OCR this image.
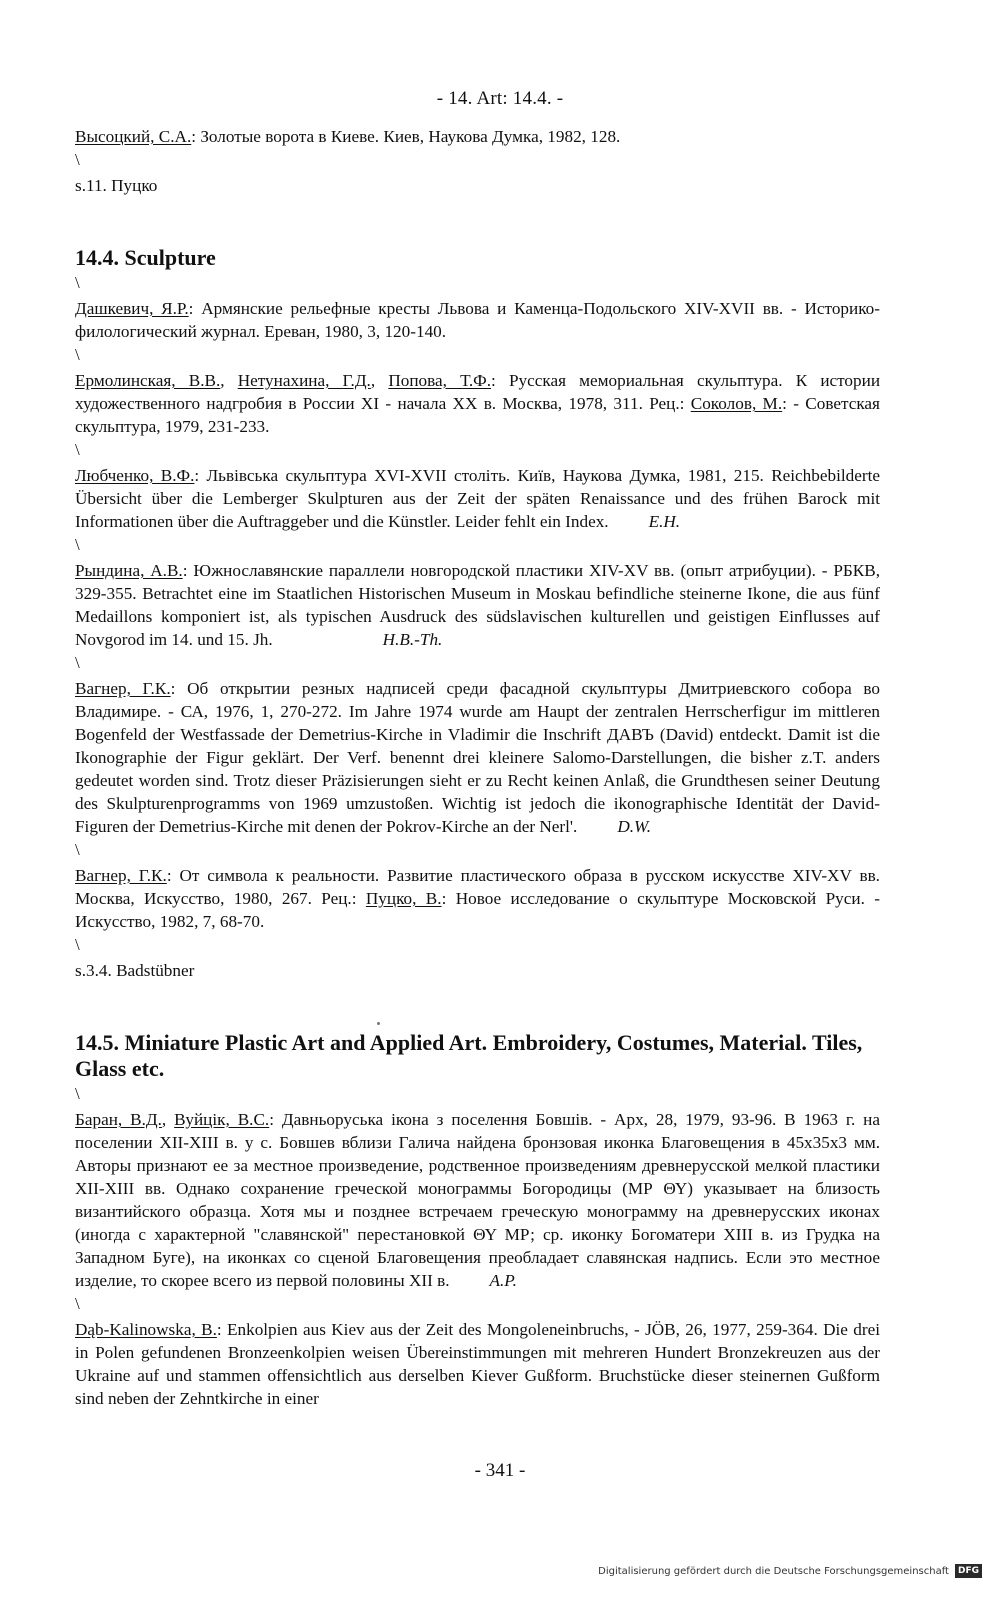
- 14. Art: 14.4. -

Высоцкий, С.А.: Золотые ворота в Киеве. Киев, Наукова Думка, 1982, 128.

\

s.11. Пуцко

14.4. Sculpture
\

Дашкевич, Я.Р.: Армянские рельефные кресты Львова и Каменца-Подольского XIV-XVII вв. - Историко-филологический журнал. Ереван, 1980, 3, 120-140.

\

Ермолинская, В.В., Нетунахина, Г.Д., Попова, Т.Ф.: Русская мемориальная скульптура. К истории художественного надгробия в России XI - начала XX в. Москва, 1978, 311. Рец.: Соколов, М.: - Советская скульптура, 1979, 231-233.

\

Любченко, В.Ф.: Львівська скульптура XVI-XVII століть. Київ, Наукова Думка, 1981, 215. Reichbebilderte Übersicht über die Lemberger Skulpturen aus der Zeit der späten Renaissance und des frühen Barock mit Informationen über die Auftraggeber und die Künstler. Leider fehlt ein Index. E.H.

\

Рындина, А.В.: Южнославянские параллели новгородской пластики XIV-XV вв. (опыт атрибуции). - РБКВ, 329-355. Betrachtet eine im Staatlichen Historischen Museum in Moskau befindliche steinerne Ikone, die aus fünf Medaillons komponiert ist, als typischen Ausdruck des südslavischen kulturellen und geistigen Einflusses auf Novgorod im 14. und 15. Jh.	H.B.-Th.

\

Вагнер, Г.К.: Об открытии резных надписей среди фасадной скульптуры Дмитриевского собора во Владимире. - СА, 1976, 1, 270-272. Im Jahre 1974 wurde am Haupt der zentralen Herrscherfigur im mittleren Bogenfeld der Westfassade der Demetrius-Kirche in Vladimir die Inschrift ДАВЪ (David) entdeckt. Damit ist die Ikonographie der Figur geklärt. Der Verf. benennt drei kleinere Salomo-Darstellungen, die bisher z.T. anders gedeutet worden sind. Trotz dieser Präzisierungen sieht er zu Recht keinen Anlaß, die Grundthesen seiner Deutung des Skulpturenprogramms von 1969 umzustoßen. Wichtig ist jedoch die ikonographische Identität der David-Figuren der Demetrius-Kirche mit denen der Pokrov-Kirche an der Nerl'. D.W.

\

Вагнер, Г.К.: От символа к реальности. Развитие пластического образа в русском искусстве XIV-XV вв. Москва, Искусство, 1980, 267. Рец.: Пуцко, В.: Новое исследование о скульптуре Московской Руси. - Искусство, 1982, 7, 68-70.

\

s.3.4. Badstübner

14.5. Miniature Plastic Art and Applied Art. Embroidery, Costumes, Material. Tiles, Glass etc.
\

Баран, В.Д., Вуйцік, В.С.: Давньоруська ікона з поселення Бовшів. - Арх, 28, 1979, 93-96. В 1963 г. на поселении XII-XIII в. у с. Бовшев вблизи Галича найдена бронзовая иконка Благовещения в 45x35x3 мм. Авторы признают ее за местное произведение, родственное произведениям древнерусской мелкой пластики XII-XIII вв. Однако сохранение греческой монограммы Богородицы (МР ΘΥ) указывает на близость византийского образца. Хотя мы и позднее встречаем греческую монограмму на древнерусских иконах (иногда с характерной "славянской" перестановкой ΘΥ МР; ср. иконку Богоматери XIII в. из Грудка на Западном Буге), на иконках со сценой Благовещения преобладает славянская надпись. Если это местное изделие, то скорее всего из первой половины XII в. A.P.

\

Dąb-Kalinowska, B.: Enkolpien aus Kiev aus der Zeit des Mongoleneinbruchs, - JÖB, 26, 1977, 259-364. Die drei in Polen gefundenen Bronzeenkolpien weisen Übereinstimmungen mit mehreren Hundert Bronzekreuzen aus der Ukraine auf und stammen offensichtlich aus derselben Kiever Gußform. Bruchstücke dieser steinernen Gußform sind neben der Zehntkirche in einer

- 341 -
Digitalisierung gefördert durch die Deutsche Forschungsgemeinschaft	DFG
